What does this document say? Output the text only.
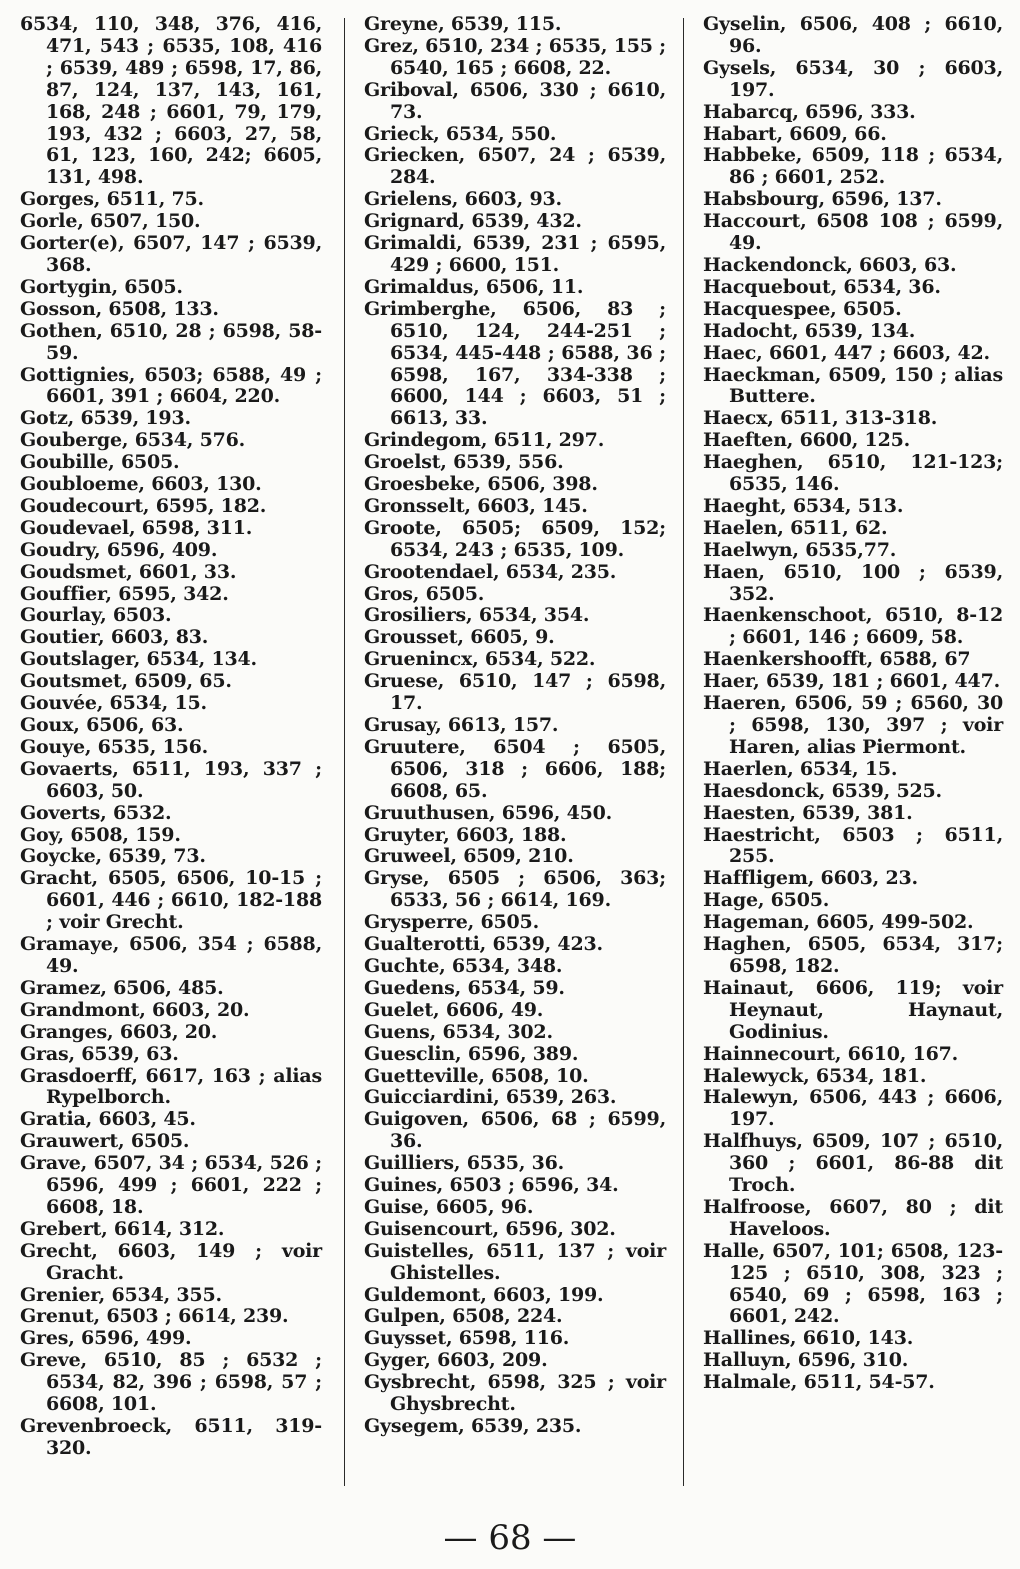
6534, 110, 348, 376, 416, 471, 543 ; 6535, 108, 416 ; 6539, 489 ; 6598, 17, 86, 87, 124, 137, 143, 161, 168, 248 ; 6601, 79, 179, 193, 432 ; 6603, 27, 58, 61, 123, 160, 242; 6605, 131, 498.
Gorges, 6511, 75.
Gorle, 6507, 150.
Gorter(e), 6507, 147 ; 6539, 368.
Gortygin, 6505.
Gosson, 6508, 133.
Gothen, 6510, 28 ; 6598, 58-59.
Gottignies, 6503; 6588, 49 ; 6601, 391 ; 6604, 220.
Gotz, 6539, 193.
Gouberge, 6534, 576.
Goubille, 6505.
Goubloeme, 6603, 130.
Goudecourt, 6595, 182.
Goudevael, 6598, 311.
Goudry, 6596, 409.
Goudsmet, 6601, 33.
Gouffier, 6595, 342.
Gourlay, 6503.
Goutier, 6603, 83.
Goutslager, 6534, 134.
Goutsmet, 6509, 65.
Gouvée, 6534, 15.
Goux, 6506, 63.
Gouye, 6535, 156.
Govaerts, 6511, 193, 337 ; 6603, 50.
Goverts, 6532.
Goy, 6508, 159.
Goycke, 6539, 73.
Gracht, 6505, 6506, 10-15 ; 6601, 446 ; 6610, 182-188 ; voir Grecht.
Gramaye, 6506, 354 ; 6588, 49.
Gramez, 6506, 485.
Grandmont, 6603, 20.
Granges, 6603, 20.
Gras, 6539, 63.
Grasdoerff, 6617, 163 ; alias Rypelborch.
Gratia, 6603, 45.
Grauwert, 6505.
Grave, 6507, 34 ; 6534, 526 ; 6596, 499 ; 6601, 222 ; 6608, 18.
Grebert, 6614, 312.
Grecht, 6603, 149 ; voir Gracht.
Grenier, 6534, 355.
Grenut, 6503 ; 6614, 239.
Gres, 6596, 499.
Greve, 6510, 85 ; 6532 ; 6534, 82, 396 ; 6598, 57 ; 6608, 101.
Grevenbroeck, 6511, 319-320.
Greyne, 6539, 115.
Grez, 6510, 234 ; 6535, 155 ; 6540, 165 ; 6608, 22.
Griboval, 6506, 330 ; 6610, 73.
Grieck, 6534, 550.
Griecken, 6507, 24 ; 6539, 284.
Grielens, 6603, 93.
Grignard, 6539, 432.
Grimaldi, 6539, 231 ; 6595, 429 ; 6600, 151.
Grimaldus, 6506, 11.
Grimberghe, 6506, 83 ; 6510, 124, 244-251 ; 6534, 445-448 ; 6588, 36 ; 6598, 167, 334-338 ; 6600, 144 ; 6603, 51 ; 6613, 33.
Grindegom, 6511, 297.
Groelst, 6539, 556.
Groesbeke, 6506, 398.
Gronsselt, 6603, 145.
Groote, 6505; 6509, 152; 6534, 243 ; 6535, 109.
Grootendael, 6534, 235.
Gros, 6505.
Grosiliers, 6534, 354.
Grousset, 6605, 9.
Gruenincx, 6534, 522.
Gruese, 6510, 147 ; 6598, 17.
Grusay, 6613, 157.
Gruutere, 6504 ; 6505, 6506, 318 ; 6606, 188; 6608, 65.
Gruuthusen, 6596, 450.
Gruyter, 6603, 188.
Gruweel, 6509, 210.
Gryse, 6505 ; 6506, 363; 6533, 56 ; 6614, 169.
Grysperre, 6505.
Gualterotti, 6539, 423.
Guchte, 6534, 348.
Guedens, 6534, 59.
Guelet, 6606, 49.
Guens, 6534, 302.
Guesclin, 6596, 389.
Guetteville, 6508, 10.
Guicciardini, 6539, 263.
Guigoven, 6506, 68 ; 6599, 36.
Guilliers, 6535, 36.
Guines, 6503 ; 6596, 34.
Guise, 6605, 96.
Guisencourt, 6596, 302.
Guistelles, 6511, 137 ; voir Ghistelles.
Guldemont, 6603, 199.
Gulpen, 6508, 224.
Guysset, 6598, 116.
Gyger, 6603, 209.
Gysbrecht, 6598, 325 ; voir Ghysbrecht.
Gysegem, 6539, 235.
Gyselin, 6506, 408 ; 6610, 96.
Gysels, 6534, 30 ; 6603, 197.
Habarcq, 6596, 333.
Habart, 6609, 66.
Habbeke, 6509, 118 ; 6534, 86 ; 6601, 252.
Habsbourg, 6596, 137.
Haccourt, 6508 108 ; 6599, 49.
Hackendonck, 6603, 63.
Hacquebout, 6534, 36.
Hacquespee, 6505.
Hadocht, 6539, 134.
Haec, 6601, 447 ; 6603, 42.
Haeckman, 6509, 150 ; alias Buttere.
Haecx, 6511, 313-318.
Haeften, 6600, 125.
Haeghen, 6510, 121-123; 6535, 146.
Haeght, 6534, 513.
Haelen, 6511, 62.
Haelwyn, 6535,77.
Haen, 6510, 100 ; 6539, 352.
Haenkenschoot, 6510, 8-12 ; 6601, 146 ; 6609, 58.
Haenkershoofft, 6588, 67
Haer, 6539, 181 ; 6601, 447.
Haeren, 6506, 59 ; 6560, 30 ; 6598, 130, 397 ; voir Haren, alias Piermont.
Haerlen, 6534, 15.
Haesdonck, 6539, 525.
Haesten, 6539, 381.
Haestricht, 6503 ; 6511, 255.
Haffligem, 6603, 23.
Hage, 6505.
Hageman, 6605, 499-502.
Haghen, 6505, 6534, 317; 6598, 182.
Hainaut, 6606, 119; voir Heynaut, Haynaut, Godinius.
Hainnecourt, 6610, 167.
Halewyck, 6534, 181.
Halewyn, 6506, 443 ; 6606, 197.
Halfhuys, 6509, 107 ; 6510, 360 ; 6601, 86-88 dit Troch.
Halfroose, 6607, 80 ; dit Haveloos.
Halle, 6507, 101; 6508, 123-125 ; 6510, 308, 323 ; 6540, 69 ; 6598, 163 ; 6601, 242.
Hallines, 6610, 143.
Halluyn, 6596, 310.
Halmale, 6511, 54-57.
— 68 —
